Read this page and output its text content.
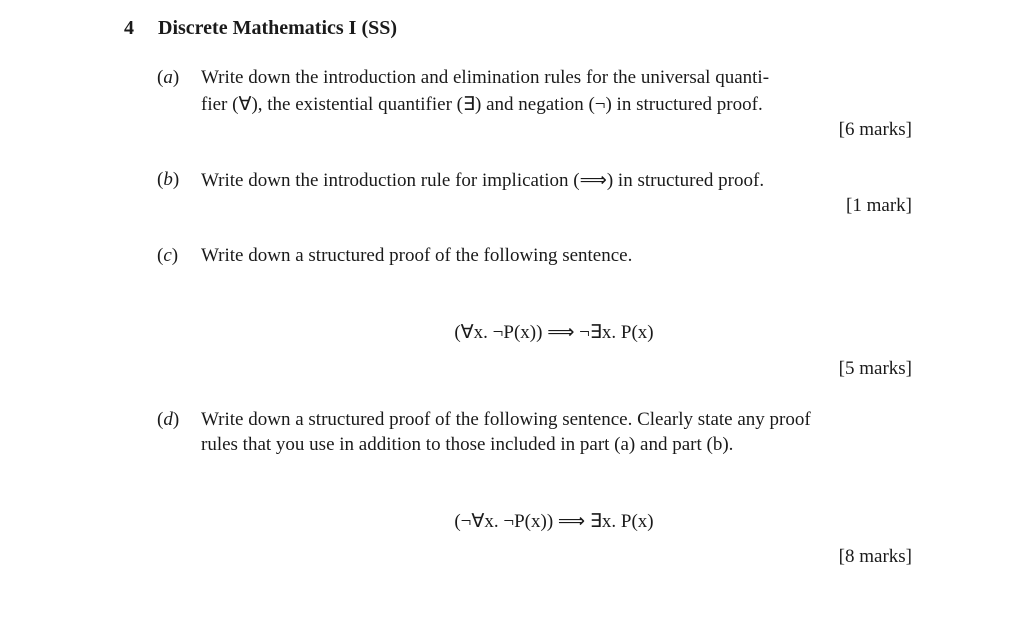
4 Discrete Mathematics I (SS)
(a) Write down the introduction and elimination rules for the universal quanti-
fier (∀), the existential quantifier (∃) and negation (¬) in structured proof.
[6 marks]
(b) Write down the introduction rule for implication (⟹) in structured proof.
[1 mark]
(c) Write down a structured proof of the following sentence.
(∀x. ¬P(x)) ⟹ ¬∃x. P(x)
[5 marks]
(d) Write down a structured proof of the following sentence. Clearly state any proof
rules that you use in addition to those included in part (a) and part (b).
(¬∀x. ¬P(x)) ⟹ ∃x. P(x)
[8 marks]
